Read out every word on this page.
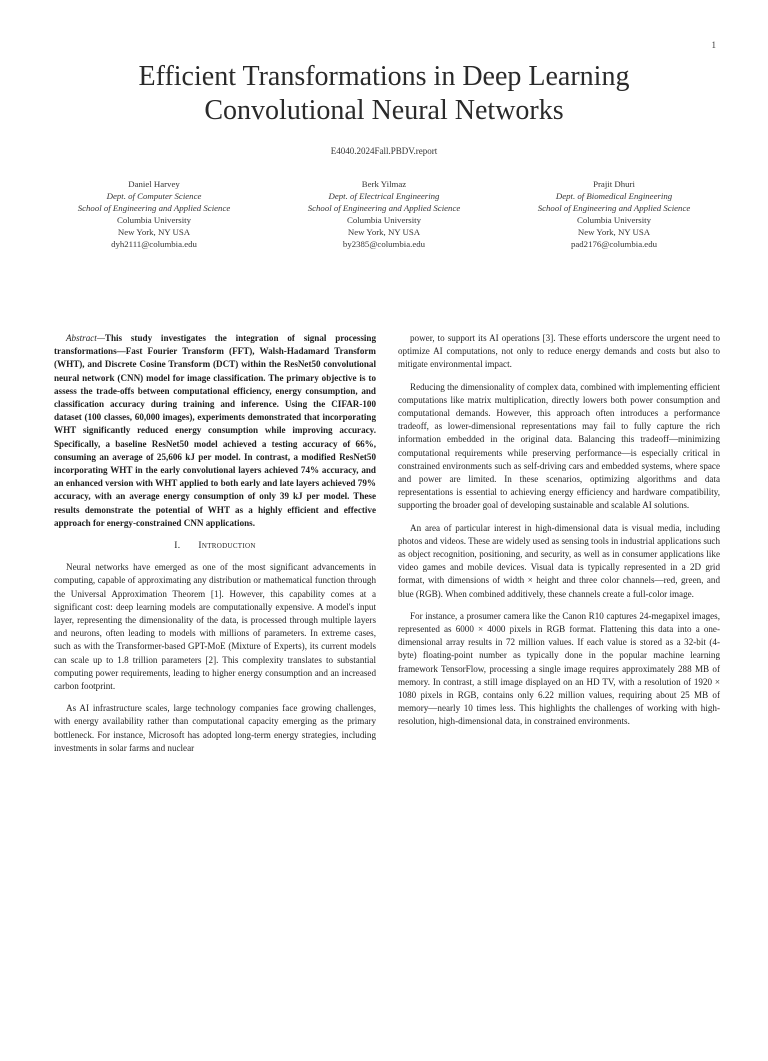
1
Efficient Transformations in Deep Learning
Convolutional Neural Networks
E4040.2024Fall.PBDV.report
Daniel Harvey
Dept. of Computer Science
School of Engineering and Applied Science
Columbia University
New York, NY USA
dyh2111@columbia.edu
Berk Yilmaz
Dept. of Electrical Engineering
School of Engineering and Applied Science
Columbia University
New York, NY USA
by2385@columbia.edu
Prajit Dhuri
Dept. of Biomedical Engineering
School of Engineering and Applied Science
Columbia University
New York, NY USA
pad2176@columbia.edu

Abstract—This study investigates the integration of signal processing transformations—Fast Fourier Transform (FFT), Walsh-Hadamard Transform (WHT), and Discrete Cosine Transform (DCT) within the ResNet50 convolutional neural network (CNN) model for image classification. The primary objective is to assess the trade-offs between computational efficiency, energy consumption, and classification accuracy during training and inference. Using the CIFAR-100 dataset (100 classes, 60,000 images), experiments demonstrated that incorporating WHT significantly reduced energy consumption while improving accuracy. Specifically, a baseline ResNet50 model achieved a testing accuracy of 66%, consuming an average of 25,606 kJ per model. In contrast, a modified ResNet50 incorporating WHT in the early convolutional layers achieved 74% accuracy, and an enhanced version with WHT applied to both early and late layers achieved 79% accuracy, with an average energy consumption of only 39 kJ per model. These results demonstrate the potential of WHT as a highly efficient and effective approach for energy-constrained CNN applications.

I. Introduction

Neural networks have emerged as one of the most significant advancements in computing, capable of approximating any distribution or mathematical function through the Universal Approximation Theorem [1]. However, this capability comes at a significant cost: deep learning models are computationally expensive. A model's input layer, representing the dimensionality of the data, is processed through multiple layers and neurons, often leading to models with millions of parameters. In extreme cases, such as with the Transformer-based GPT-MoE (Mixture of Experts), its current models can scale up to 1.8 trillion parameters [2]. This complexity translates to substantial computing power requirements, leading to higher energy consumption and an increased carbon footprint.

As AI infrastructure scales, large technology companies face growing challenges, with energy availability rather than computational capacity emerging as the primary bottleneck. For instance, Microsoft has adopted long-term energy strategies, including investments in solar farms and nuclear

power, to support its AI operations [3]. These efforts underscore the urgent need to optimize AI computations, not only to reduce energy demands and costs but also to mitigate environmental impact.

Reducing the dimensionality of complex data, combined with implementing efficient computations like matrix multiplication, directly lowers both power consumption and computational demands. However, this approach often introduces a performance tradeoff, as lower-dimensional representations may fail to fully capture the rich information embedded in the original data. Balancing this tradeoff—minimizing computational requirements while preserving performance—is especially critical in constrained environments such as self-driving cars and embedded systems, where space and power are limited. In these scenarios, optimizing algorithms and data representations is essential to achieving energy efficiency and hardware compatibility, supporting the broader goal of developing sustainable and scalable AI solutions.

An area of particular interest in high-dimensional data is visual media, including photos and videos. These are widely used as sensing tools in industrial applications such as object recognition, positioning, and security, as well as in consumer applications like video games and mobile devices. Visual data is typically represented in a 2D grid format, with dimensions of width × height and three color channels—red, green, and blue (RGB). When combined additively, these channels create a full-color image.

For instance, a prosumer camera like the Canon R10 captures 24-megapixel images, represented as 6000 × 4000 pixels in RGB format. Flattening this data into a one-dimensional array results in 72 million values. If each value is stored as a 32-bit (4-byte) floating-point number as typically done in the popular machine learning framework TensorFlow, processing a single image requires approximately 288 MB of memory. In contrast, a still image displayed on an HD TV, with a resolution of 1920 × 1080 pixels in RGB, contains only 6.22 million values, requiring about 25 MB of memory—nearly 10 times less. This highlights the challenges of working with high-resolution, high-dimensional data, in constrained environments.
